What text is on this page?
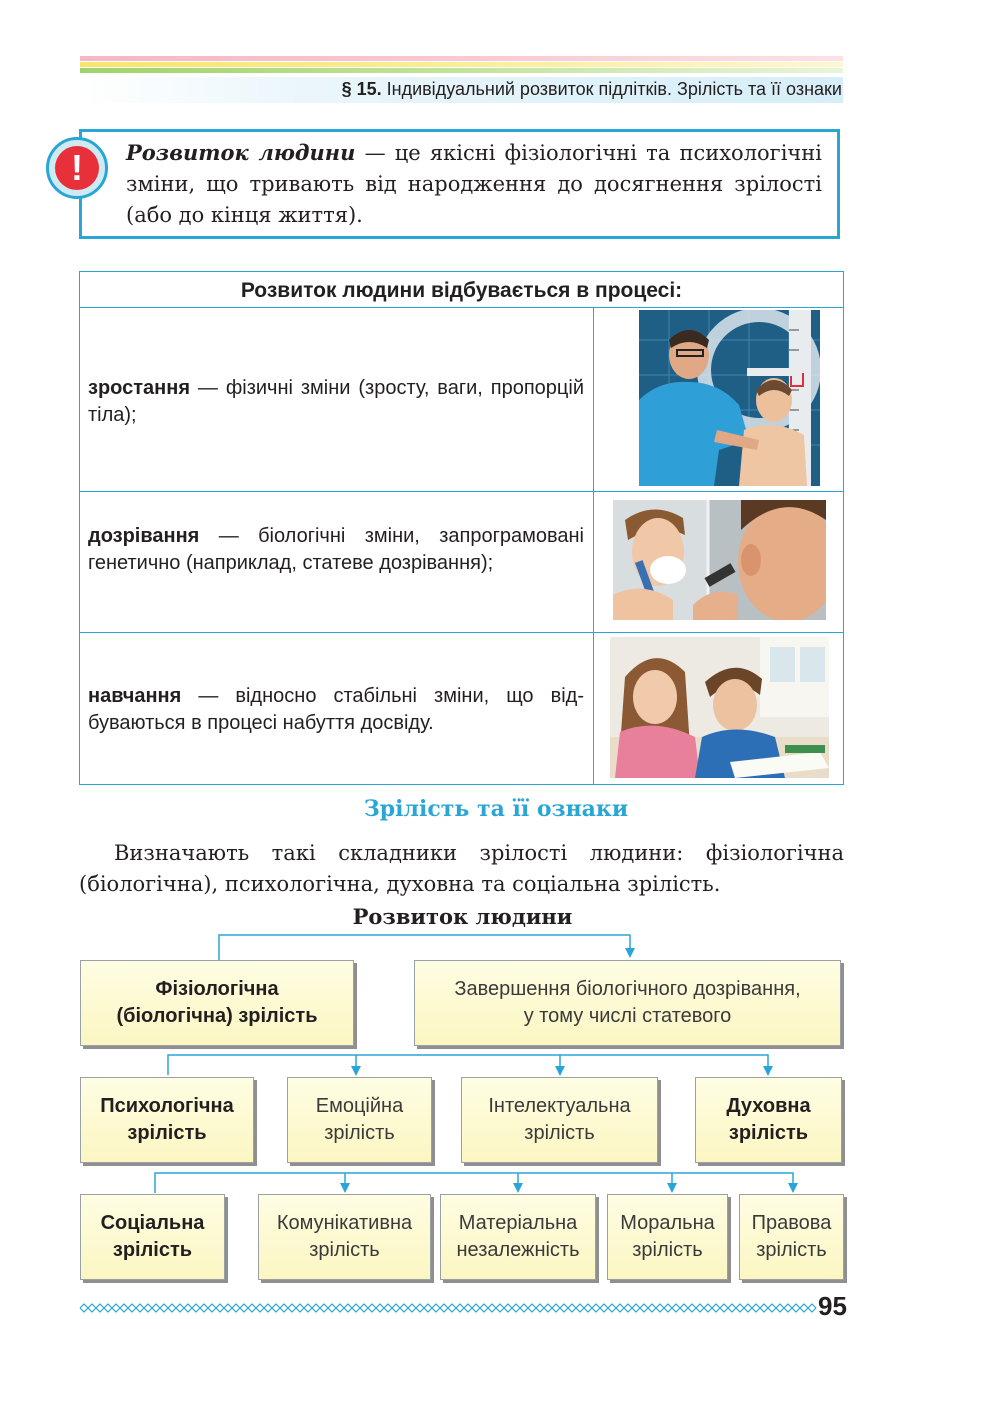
§ 15. Індивідуальний розвиток підлітків. Зрілість та її ознаки
!	Розвиток людини — це якісні фізіологічні та психологічні зміни, що тривають від народження до досягнення зрілості (або до кінця життя).
Розвиток людини відбувається в процесі:
зростання — фізичні зміни (зросту, ваги, пропорцій тіла);
дозрівання — біологічні зміни, запрограмовані генетично (наприклад, статеве дозрівання);
навчання — відносно стабільні зміни, що відбуваються в процесі набуття досвіду.
Зрілість та її ознаки
Визначають такі складники зрілості людини: фізіологічна (біологічна), психологічна, духовна та соціальна зрілість.
Розвиток людини
Фізіологічна
(біологічна) зрілість
Завершення біологічного дозрівання,
у тому числі статевого
Психологічна
зрілість
Емоційна
зрілість
Інтелектуальна
зрілість
Духовна
зрілість
Соціальна
зрілість
Комунікативна
зрілість
Матеріальна
незалежність
Моральна
зрілість
Правова
зрілість
95
